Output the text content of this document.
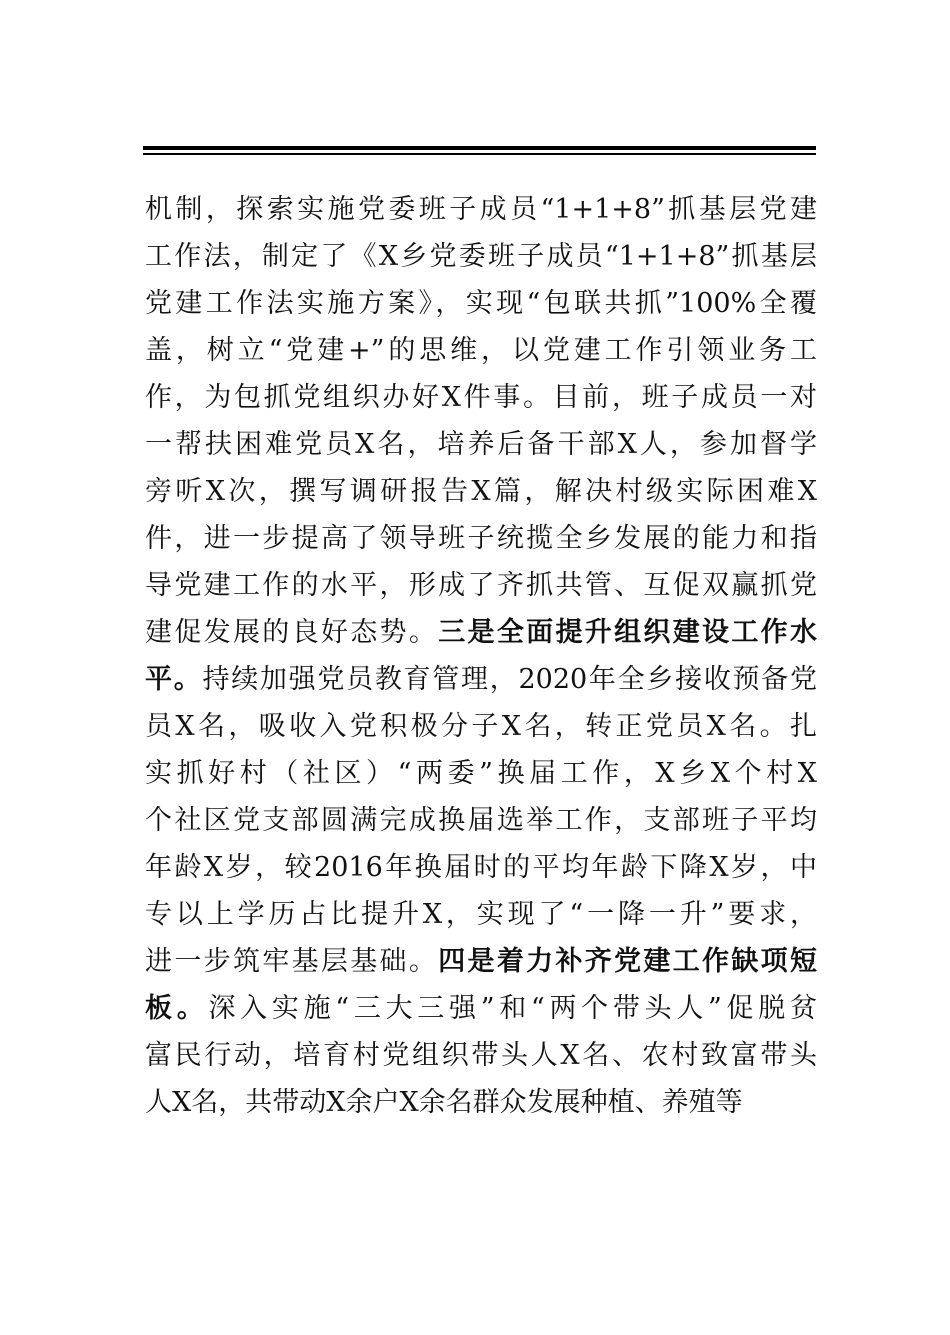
机制，探索实施党委班子成员“1+1+8”抓基层党建
工作法，制定了《X乡党委班子成员“1+1+8”抓基层
党建工作法实施方案》，实现“包联共抓”100%全覆
盖，树立“党建+”的思维，以党建工作引领业务工
作，为包抓党组织办好X件事。目前，班子成员一对
一帮扶困难党员X名，培养后备干部X人，参加督学
旁听X次，撰写调研报告X篇，解决村级实际困难X
件，进一步提高了领导班子统揽全乡发展的能力和指
导党建工作的水平，形成了齐抓共管、互促双赢抓党
建促发展的良好态势。三是全面提升组织建设工作水
平。持续加强党员教育管理，2020年全乡接收预备党
员X名，吸收入党积极分子X名，转正党员X名。扎
实抓好村（社区）“两委”换届工作，X乡X个村X
个社区党支部圆满完成换届选举工作，支部班子平均
年龄X岁，较2016年换届时的平均年龄下降X岁，中
专以上学历占比提升X，实现了“一降一升”要求，
进一步筑牢基层基础。四是着力补齐党建工作缺项短
板。深入实施“三大三强”和“两个带头人”促脱贫
富民行动，培育村党组织带头人X名、农村致富带头
人X名，共带动X余户X余名群众发展种植、养殖等
